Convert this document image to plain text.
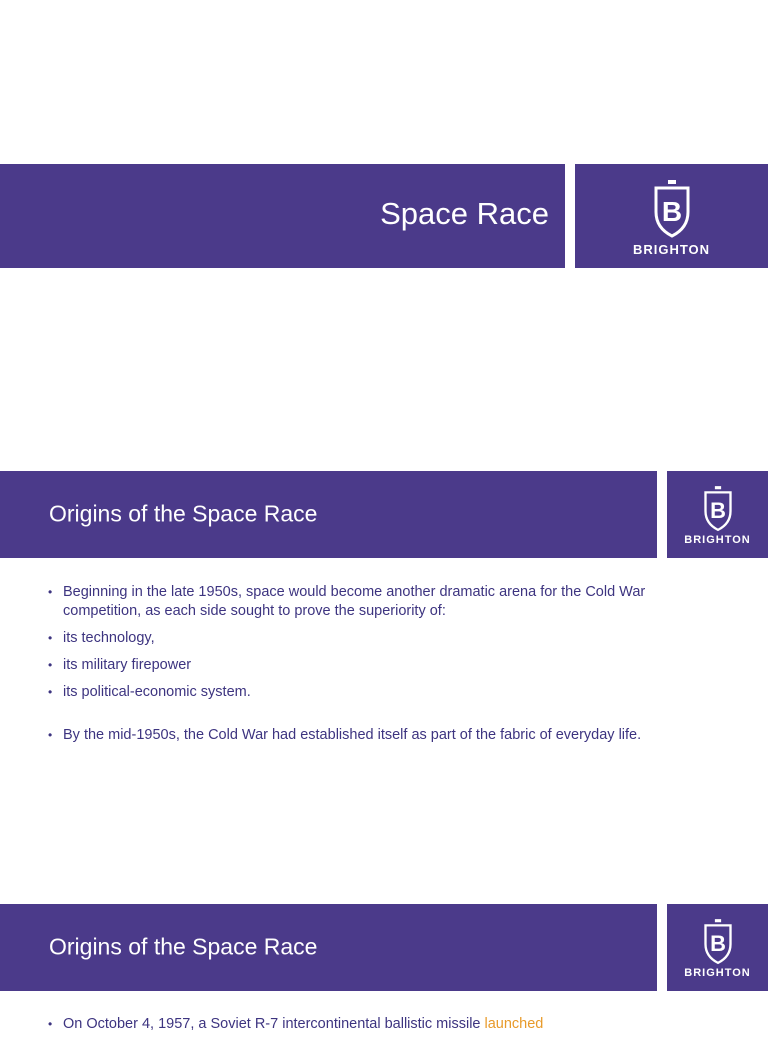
Space Race	B
BRIGHTON
Origins of the Space Race	B
BRIGHTON
• Beginning in the late 1950s, space would become another dramatic arena for the Cold War competition, as each side sought to prove the superiority of:
• its technology,
• its military firepower
• its political-economic system.
• By the mid-1950s, the Cold War had established itself as part of the fabric of everyday life.
Origins of the Space Race	B
BRIGHTON
• On October 4, 1957, a Soviet R-7 intercontinental ballistic missile launched
